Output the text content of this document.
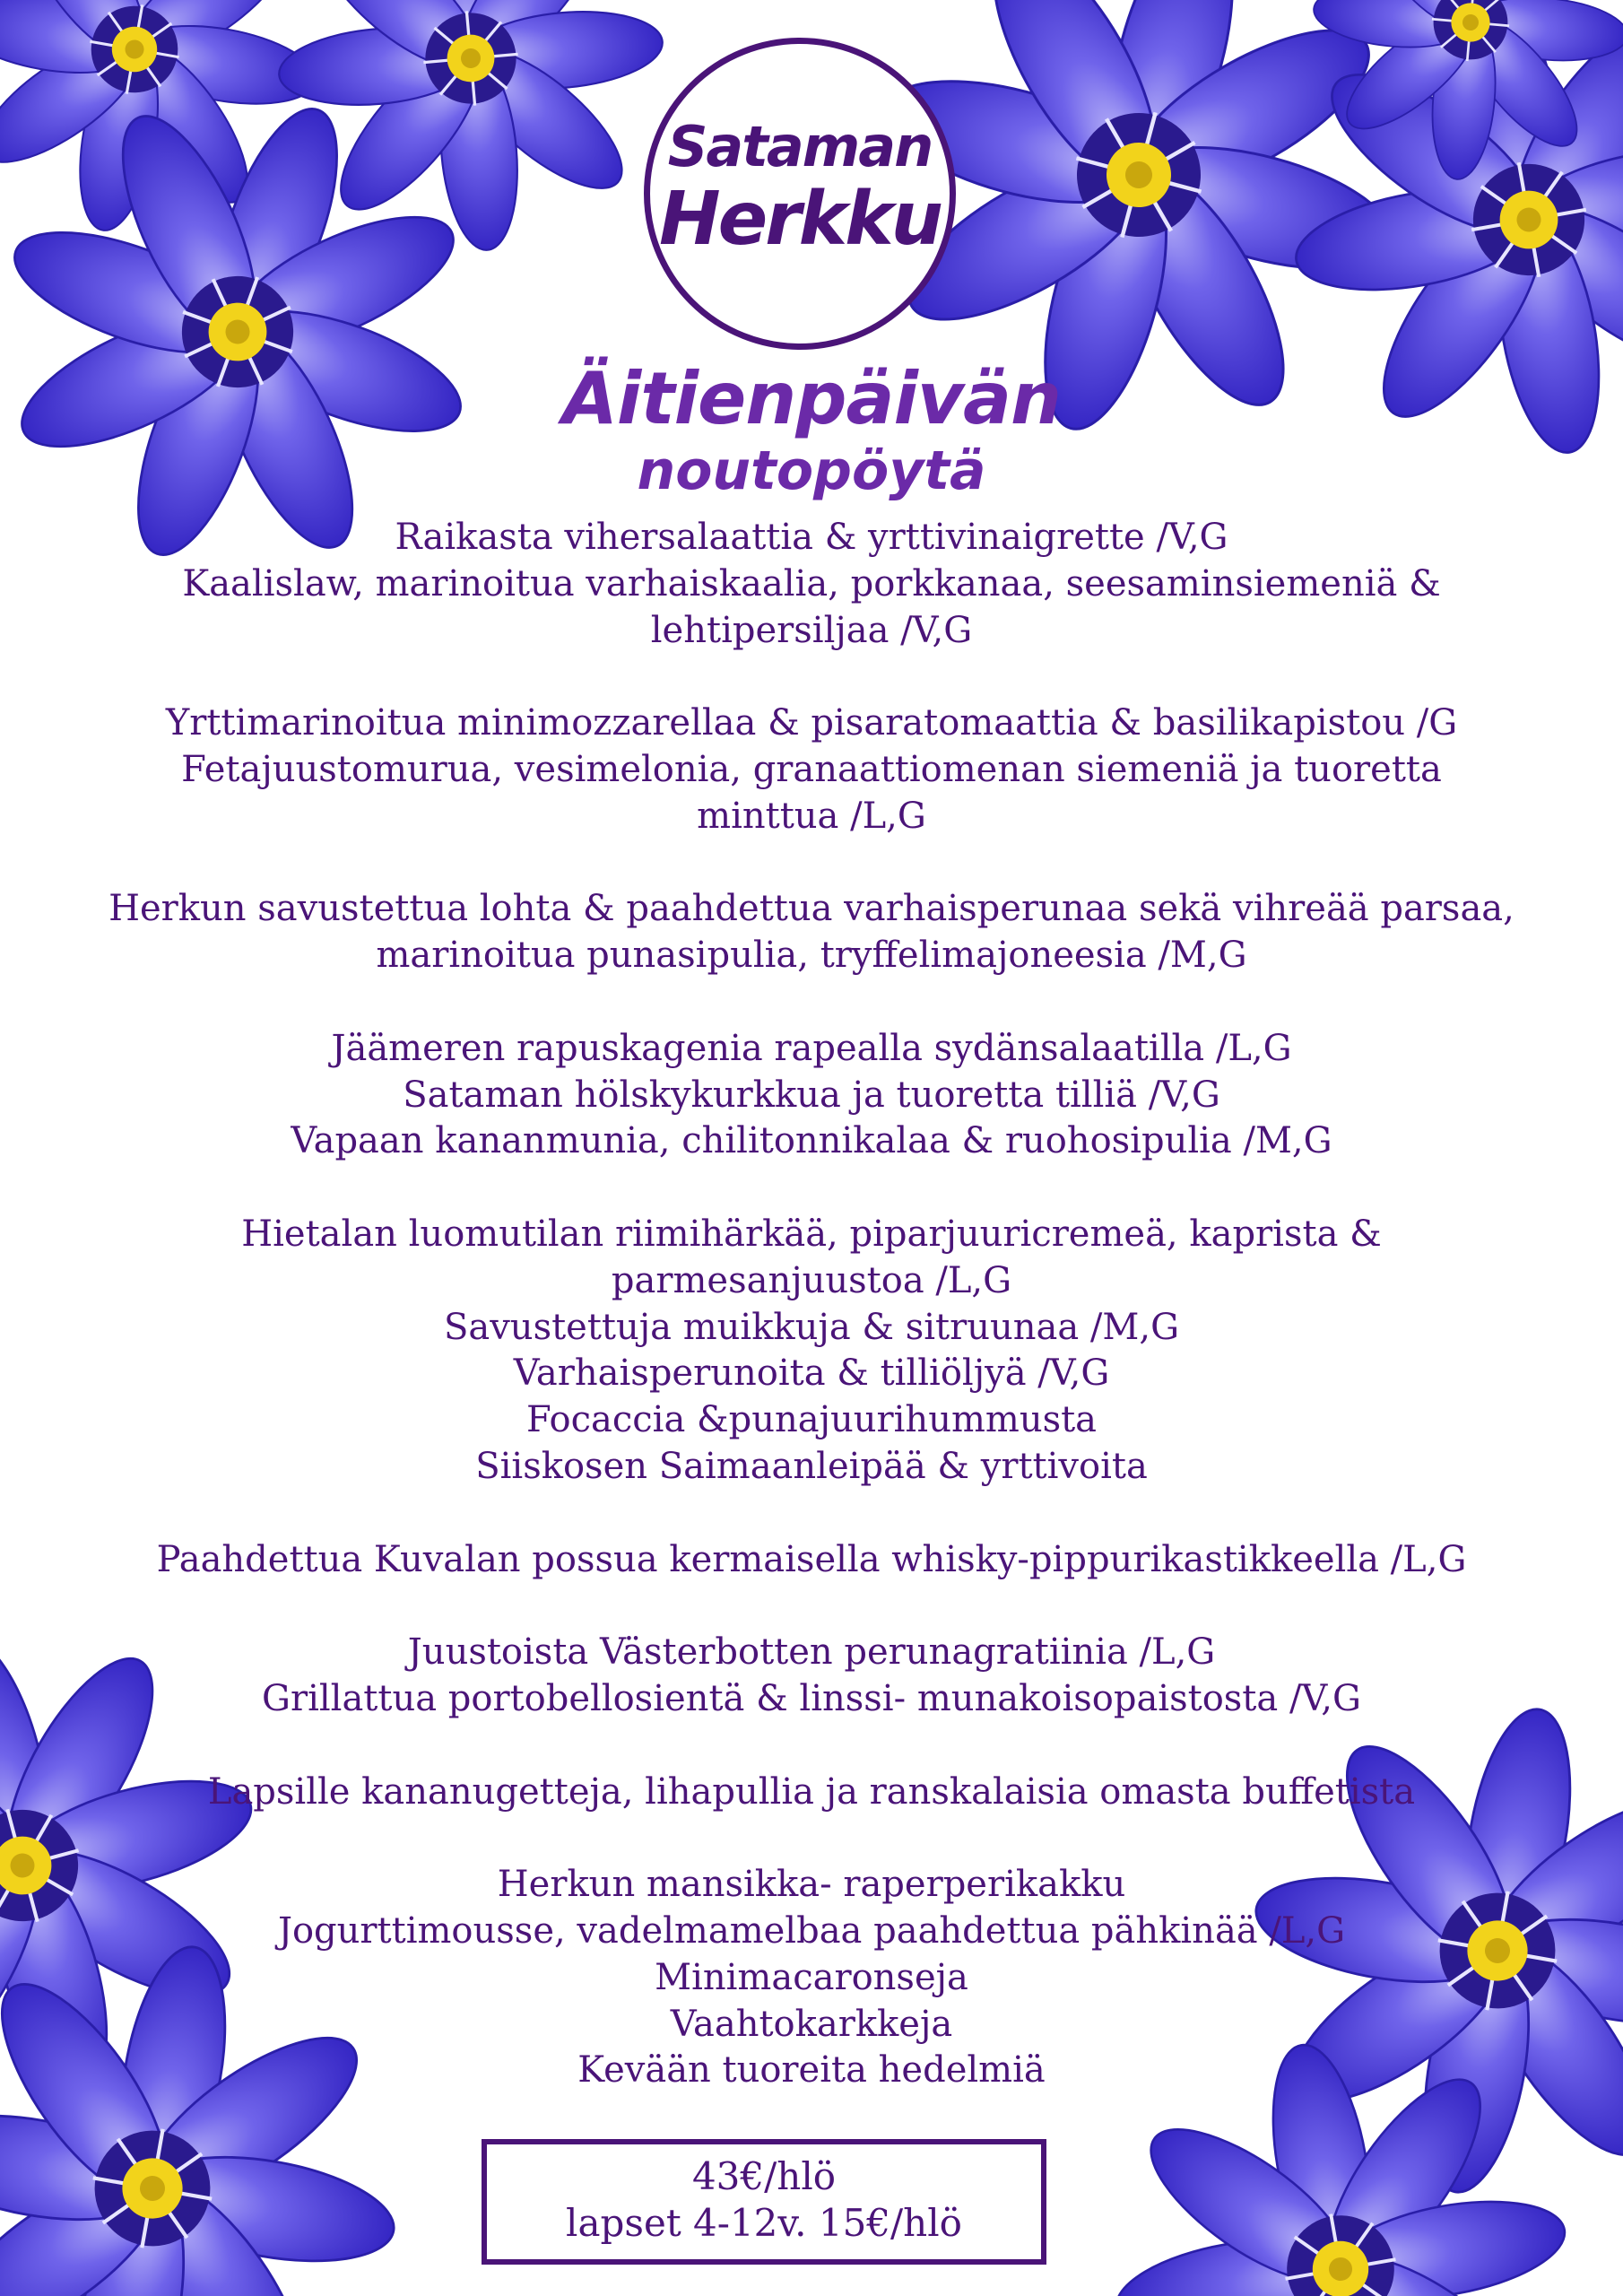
Sataman
Herkku
Äitienpäivän
noutopöytä
Raikasta vihersalaattia & yrttivinaigrette /V,G
Kaalislaw, marinoitua varhaiskaalia, porkkanaa, seesaminsiemeniä &
lehtipersiljaa /V,G
Yrttimarinoitua minimozzarellaa & pisaratomaattia & basilikapistou /G
Fetajuustomurua, vesimelonia, granaattiomenan siemeniä ja tuoretta
minttua /L,G
Herkun savustettua lohta & paahdettua varhaisperunaa sekä vihreää parsaa,
marinoitua punasipulia, tryffelimajoneesia /M,G
Jäämeren rapuskagenia rapealla sydänsalaatilla /L,G
Sataman hölskykurkkua ja tuoretta tilliä /V,G
Vapaan kananmunia, chilitonnikalaa & ruohosipulia /M,G
Hietalan luomutilan riimihärkää, piparjuuricremeä, kaprista &
parmesanjuustoa /L,G
Savustettuja muikkuja & sitruunaa /M,G
Varhaisperunoita & tilliöljyä /V,G
Focaccia &punajuurihummusta
Siiskosen Saimaanleipää & yrttivoita
Paahdettua Kuvalan possua kermaisella whisky-pippurikastikkeella /L,G
Juustoista Västerbotten perunagratiinia /L,G
Grillattua portobellosientä & linssi- munakoisopaistosta /V,G
Lapsille kananugetteja, lihapullia ja ranskalaisia omasta buffetista
Herkun mansikka- raperperikakku
Jogurttimousse, vadelmamelbaa paahdettua pähkinää /L,G
Minimacaronseja
Vaahtokarkkeja
Kevään tuoreita hedelmiä
43€/hlö
lapset 4-12v. 15€/hlö
